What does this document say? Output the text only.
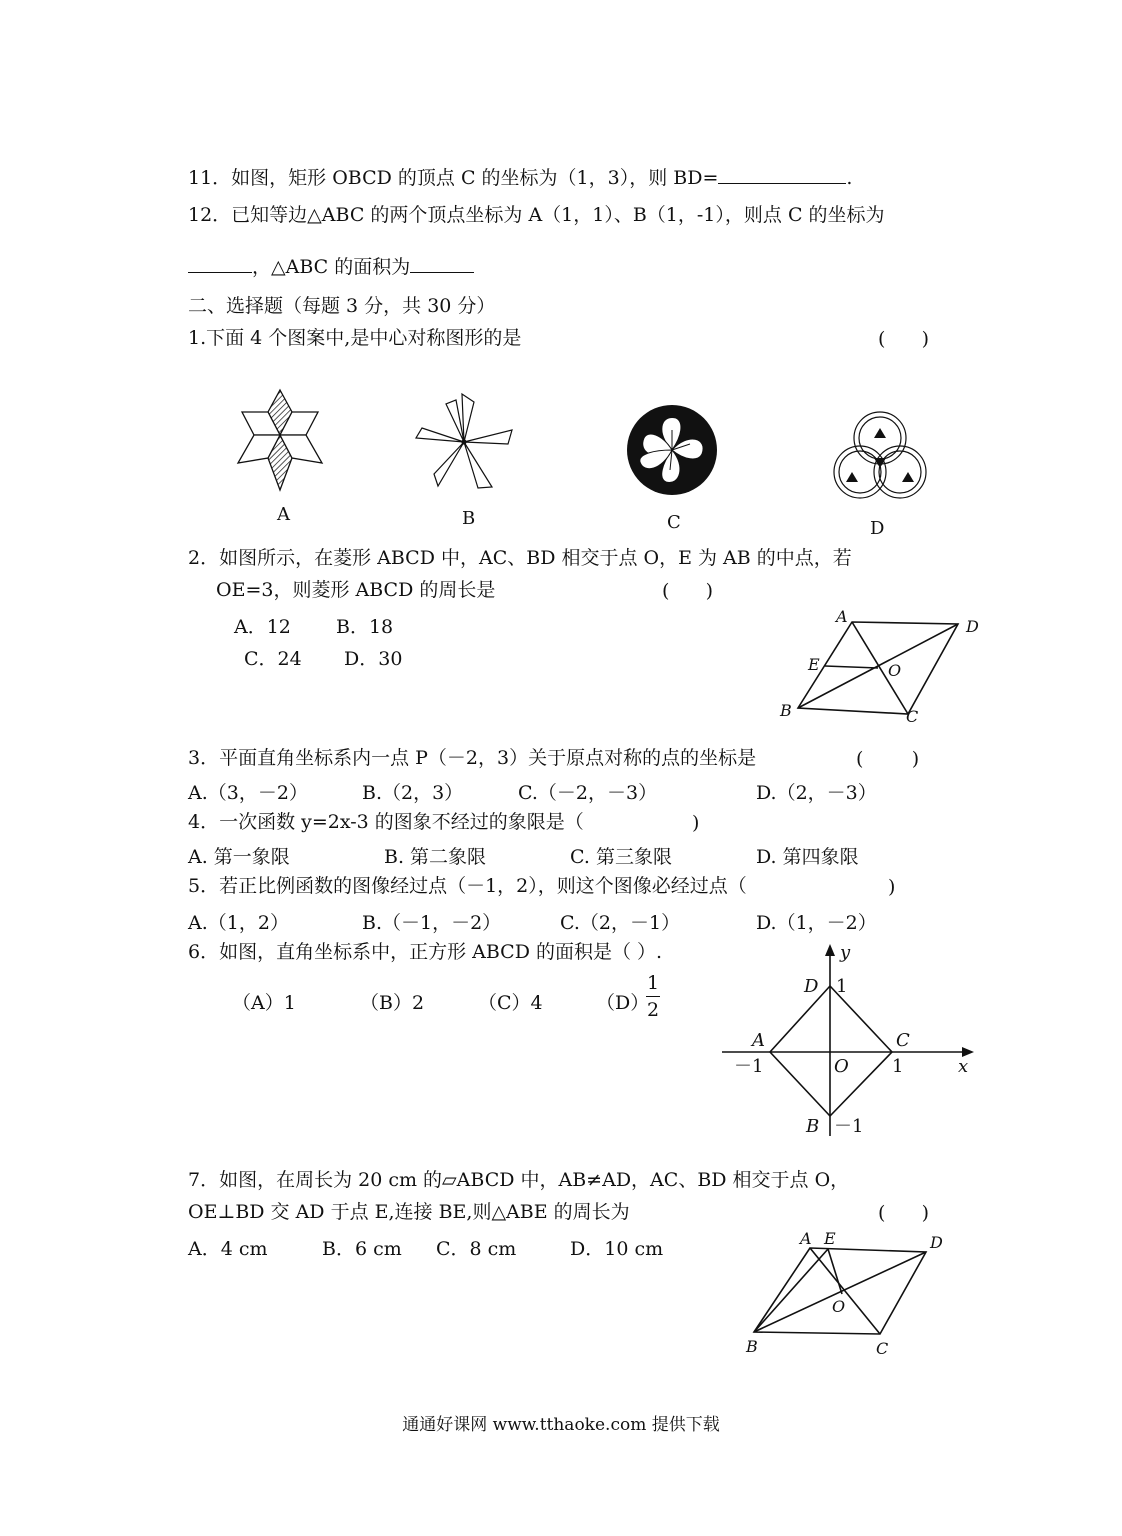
11．如图，矩形 OBCD 的顶点 C 的坐标为（1，3），则 BD=	.
12．已知等边△ABC 的两个顶点坐标为 A（1，1）、B（1，-1），则点 C 的坐标为
，△ABC 的面积为
二、选择题（每题 3 分，共 30 分）
1.下面 4 个图案中,是中心对称图形的是	(      )
A	B	C	D
2．如图所示，在菱形 ABCD 中，AC、BD 相交于点 O，E 为 AB 的中点，若
OE=3，则菱形 ABCD 的周长是	(      )
A．12 B．18
C．24 D．30
A
D
E	O
B	C
3．平面直角坐标系内一点 P（－2，3）关于原点对称的点的坐标是	(        )
A.（3，－2）	B.（2，3）	C.（－2，－3）	D.（2，－3）
4．一次函数 y=2x-3 的图象不经过的象限是（	)
A. 第一象限	B. 第二象限	C. 第三象限	D. 第四象限
5．若正比例函数的图像经过点（－1，2），则这个图像必经过点（	)
A.（1，2）	B.（－1，－2）	C.（2，－1）	D.（1，－2）
6．如图，直角坐标系中，正方形 ABCD 的面积是（ ）.
（A）1	（B）2	（C）4	（D）
1
2
y
x
D 1
A	C
－1	O 1
B －1
7．如图，在周长为 20 cm 的▱ABCD 中，AB≠AD，AC、BD 相交于点 O，
OE⊥BD 交 AD 于点 E,连接 BE,则△ABE 的周长为	(      )
A．4 cm	B．6 cm C．8 cm	D．10 cm	A E	D
O
B	C
通通好课网 www.tthaoke.com 提供下载
